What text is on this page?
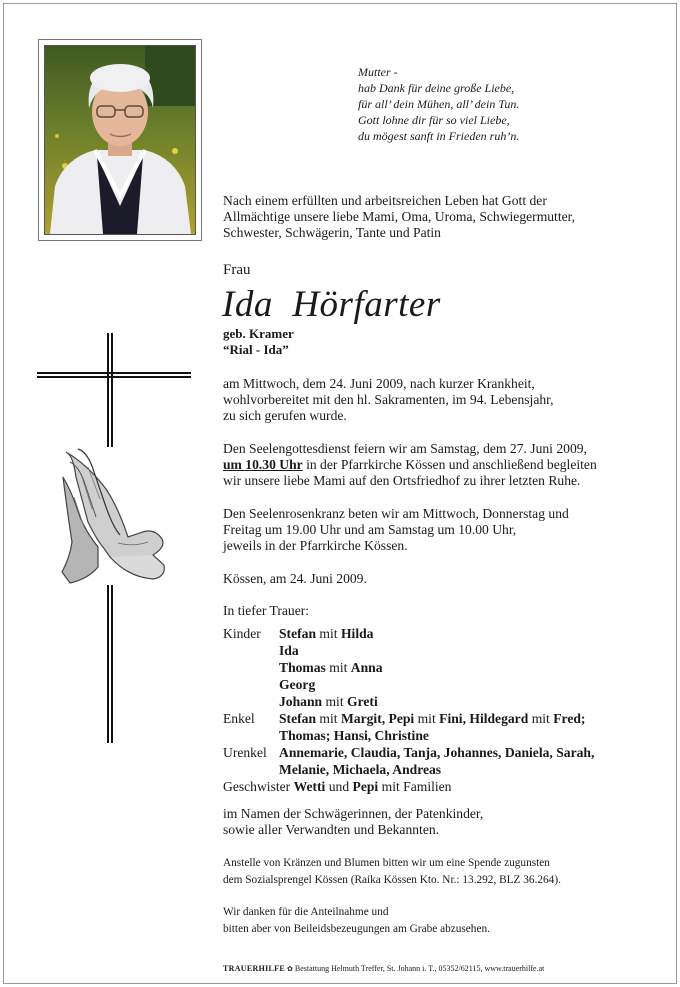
Mutter -
hab Dank für deine große Liebe,
für all’ dein Mühen, all’ dein Tun.
Gott lohne dir für so viel Liebe,
du mögest sanft in Frieden ruh’n.
Nach einem erfüllten und arbeitsreichen Leben hat Gott der
Allmächtige unsere liebe Mami, Oma, Uroma, Schwiegermutter,
Schwester, Schwägerin, Tante und Patin
Frau
Ida  Hörfarter
geb. Kramer
“Rial - Ida”
am Mittwoch, dem 24. Juni 2009, nach kurzer Krankheit,
wohlvorbereitet mit den hl. Sakramenten, im 94. Lebensjahr,
zu sich gerufen wurde.
Den Seelengottesdienst feiern wir am Samstag, dem 27. Juni 2009,
um 10.30 Uhr in der Pfarrkirche Kössen und anschließend begleiten
wir unsere liebe Mami auf den Ortsfriedhof zu ihrer letzten Ruhe.
Den Seelenrosenkranz beten wir am Mittwoch, Donnerstag und
Freitag um 19.00 Uhr und am Samstag um 10.00 Uhr,
jeweils in der Pfarrkirche Kössen.
Kössen, am 24. Juni 2009.
In tiefer Trauer:
Kinder	Stefan mit Hilda
Ida
Thomas mit Anna
Georg
Johann mit Greti
Enkel	Stefan mit Margit, Pepi mit Fini, Hildegard mit Fred;
Thomas; Hansi, Christine
Urenkel Annemarie, Claudia, Tanja, Johannes, Daniela, Sarah,
Melanie, Michaela, Andreas
Geschwister Wetti und Pepi mit Familien
im Namen der Schwägerinnen, der Patenkinder,
sowie aller Verwandten und Bekannten.
Anstelle von Kränzen und Blumen bitten wir um eine Spende zugunsten
dem Sozialsprengel Kössen (Raika Kössen Kto. Nr.: 13.292, BLZ 36.264).
Wir danken für die Anteilnahme und
bitten aber von Beileidsbezeugungen am Grabe abzusehen.
TRAUERHILFE ✿ Bestattung Helmuth Treffer, St. Johann i. T., 05352/62115, www.trauerhilfe.at
